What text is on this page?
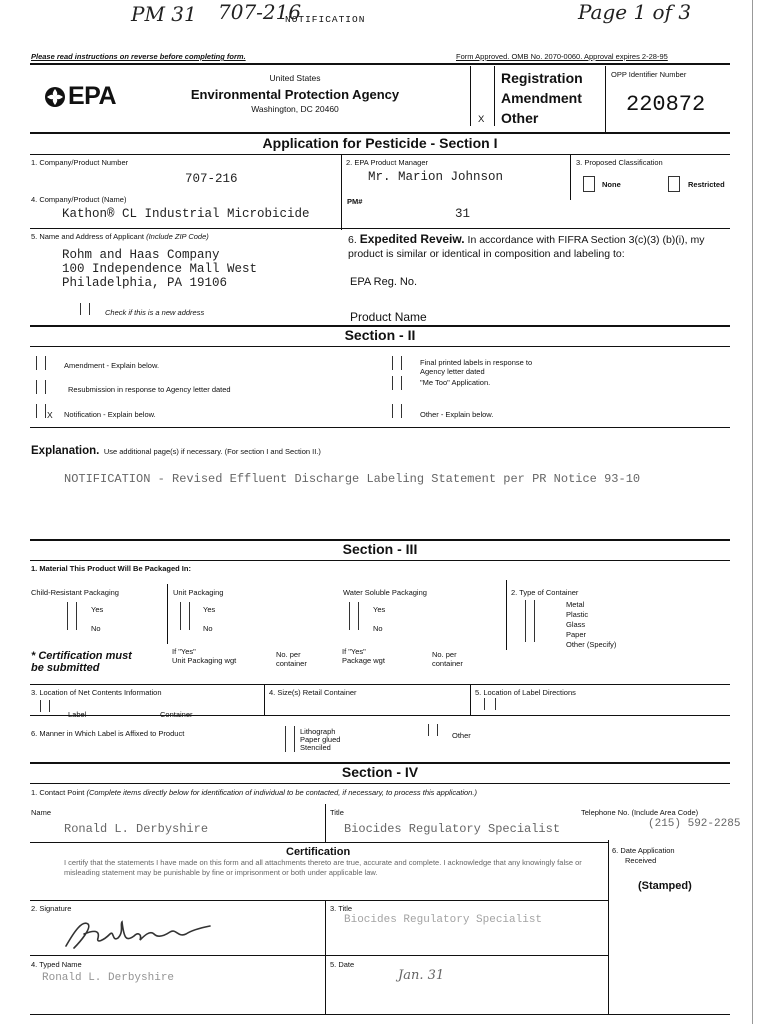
PM 31 707-216
NOTIFICATION	Page 1 of 3
Please read instructions on reverse before completing form.	Form Approved. OMB No. 2070-0060. Approval expires 2-28-95
EPA
United States
Environmental Protection Agency
Washington, DC 20460
X
Registration
Amendment
Other
OPP Identifier Number
220872
Application for Pesticide - Section I
1. Company/Product Number
707-216
2. EPA Product Manager
Mr. Marion Johnson
3. Proposed Classification
None	Restricted
4. Company/Product (Name)
Kathon® CL Industrial Microbicide
PM#
31
5. Name and Address of Applicant (Include ZIP Code)
Rohm and Haas Company
100 Independence Mall West
Philadelphia, PA 19106
Check if this is a new address
6. Expedited Reveiw. In accordance with FIFRA Section 3(c)(3) (b)(i), my product is similar or identical in composition and labeling to:
EPA Reg. No.
Product Name
Section - II
Amendment - Explain below.
Resubmission in response to Agency letter dated
X Notification - Explain below.
Final printed labels in response to
Agency letter dated
"Me Too" Application.
Other - Explain below.
Explanation. Use additional page(s) if necessary. (For section I and Section II.)
NOTIFICATION - Revised Effluent Discharge Labeling Statement per PR Notice 93-10
Section - III
1. Material This Product Will Be Packaged In:
Child-Resistant Packaging	Unit Packaging	Water Soluble Packaging	2. Type of Container
Yes
No
Yes
No
Yes
No
Metal
Plastic
Glass
Paper
Other (Specify)
* Certification must
be submitted
If "Yes"
Unit Packaging wgt
No. per
container
If "Yes"
Package wgt
No. per
container
3. Location of Net Contents Information	4. Size(s) Retail Container	5. Location of Label Directions
Label	Container
6. Manner in Which Label is Affixed to Product	Lithograph
Paper glued
Stenciled
Other
Section - IV
1. Contact Point (Complete items directly below for identification of individual to be contacted, if necessary, to process this application.)
Name
Ronald L. Derbyshire
Title
Biocides Regulatory Specialist
Telephone No. (Include Area Code)
(215) 592-2285
Certification
I certify that the statements I have made on this form and all attachments thereto are true, accurate and complete. I acknowledge that any knowingly false or misleading statement may be punishable by fine or imprisonment or both under applicable law.
6. Date Application
Received
(Stamped)
2. Signature	3. Title
Biocides Regulatory Specialist
4. Typed Name
Ronald L. Derbyshire
5. Date
Jan. 31
